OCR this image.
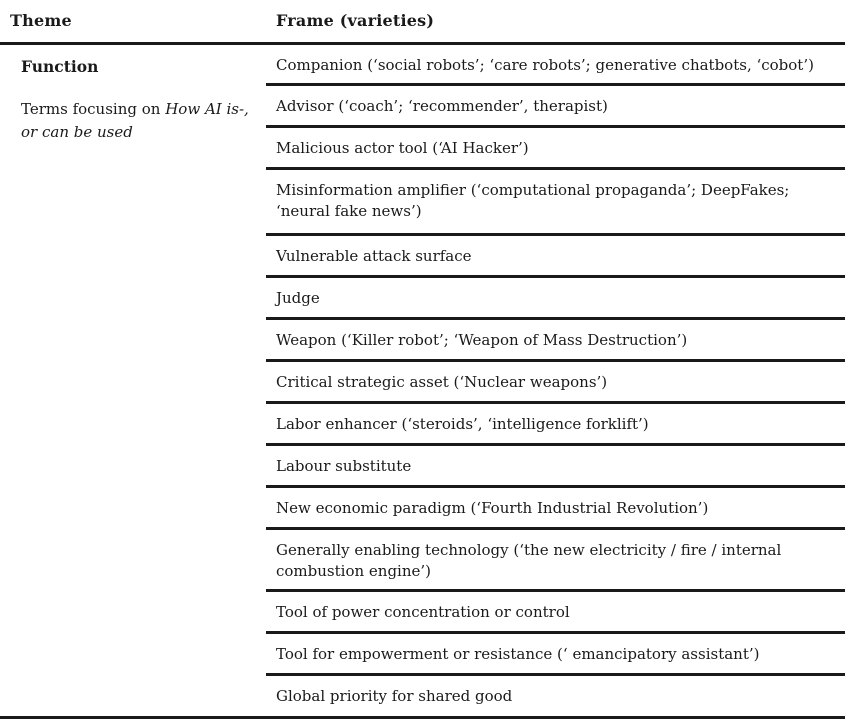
Theme	Frame (varieties)
Function
Terms focusing on How AI is-, or can be used
Companion (‘social robots’; ‘care robots’; generative chatbots, ‘cobot’)
Advisor (‘coach’; ‘recommender’, therapist)
Malicious actor tool (‘AI Hacker’)
Misinformation amplifier (‘computational propaganda’; DeepFakes; ‘neural fake news’)
Vulnerable attack surface
Judge
Weapon (‘Killer robot’; ‘Weapon of Mass Destruction’)
Critical strategic asset (‘Nuclear weapons’)
Labor enhancer (‘steroids’, ‘intelligence forklift’)
Labour substitute
New economic paradigm (‘Fourth Industrial Revolution’)
Generally enabling technology (‘the new electricity / fire / internal combustion engine’)
Tool of power concentration or control
Tool for empowerment or resistance (‘ emancipatory assistant’)
Global priority for shared good
